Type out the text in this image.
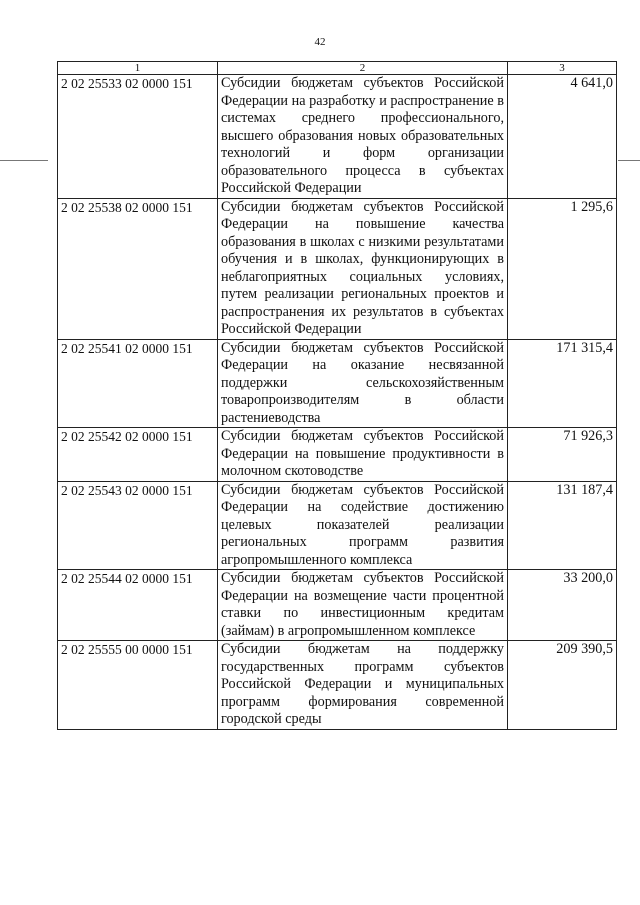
42
1	2	3
2 02 25533 02 0000 151	Субсидии бюджетам субъектов Российской Федерации на разработку и распространение в системах среднего профессионального, высшего образования новых образовательных технологий и форм организации образовательного процесса в субъектах Российской Федерации	4 641,0
2 02 25538 02 0000 151	Субсидии бюджетам субъектов Российской Федерации на повышение качества образования в школах с низкими результатами обучения и в школах, функционирующих в неблагоприятных социальных условиях, путем реализации региональных проектов и распространения их результатов в субъектах Российской Федерации	1 295,6
2 02 25541 02 0000 151	Субсидии бюджетам субъектов Российской Федерации на оказание несвязанной поддержки сельскохозяйственным товаропроизводителям в области растениеводства	171 315,4
2 02 25542 02 0000 151	Субсидии бюджетам субъектов Российской Федерации на повышение продуктивности в молочном скотоводстве	71 926,3
2 02 25543 02 0000 151	Субсидии бюджетам субъектов Российской Федерации на содействие достижению целевых показателей реализации региональных программ развития агропромышленного комплекса	131 187,4
2 02 25544 02 0000 151	Субсидии бюджетам субъектов Российской Федерации на возмещение части процентной ставки по инвестиционным кредитам (займам) в агропромышленном комплексе	33 200,0
2 02 25555 00 0000 151	Субсидии бюджетам на поддержку государственных программ субъектов Российской Федерации и муниципальных программ формирования современной городской среды	209 390,5
